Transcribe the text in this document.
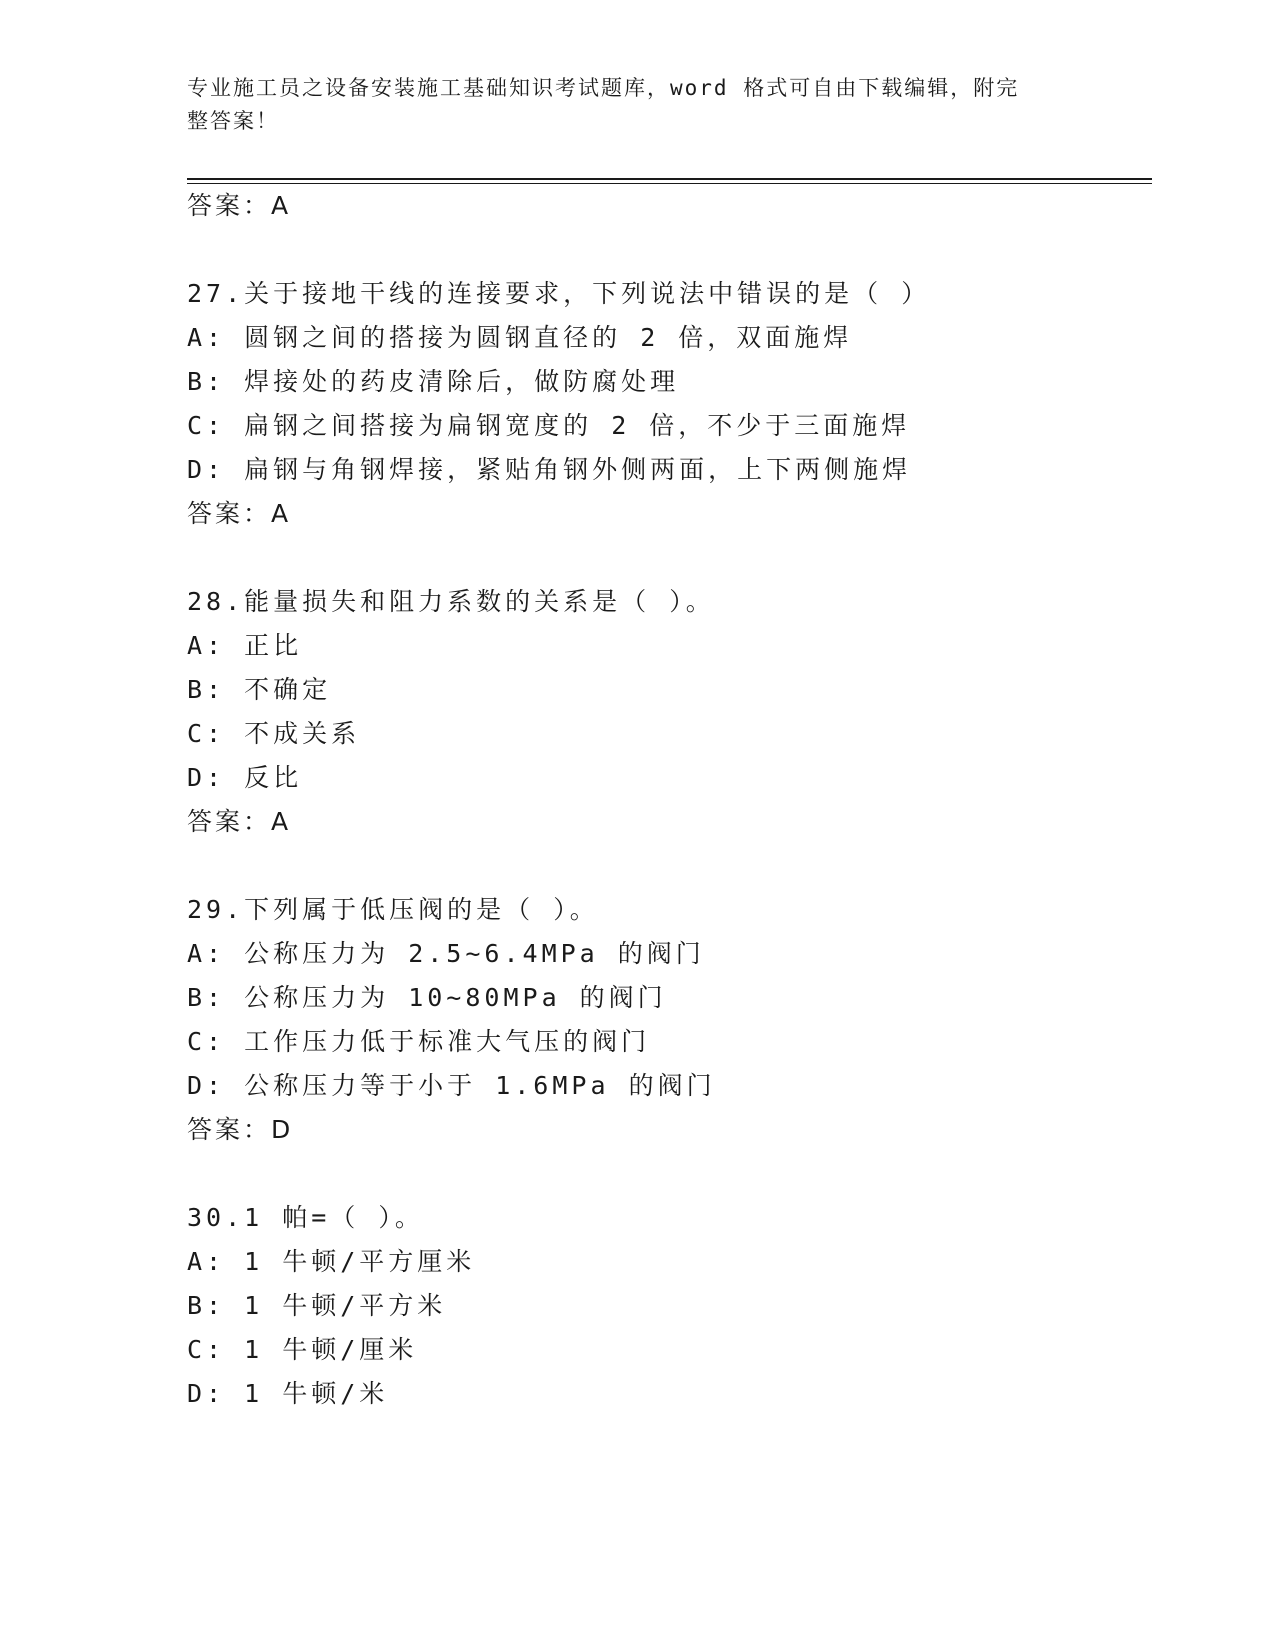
专业施工员之设备安装施工基础知识考试题库，word 格式可自由下载编辑，附完
整答案！

答案：A

27.关于接地干线的连接要求，下列说法中错误的是（ ）

A: 圆钢之间的搭接为圆钢直径的 2 倍，双面施焊

B: 焊接处的药皮清除后，做防腐处理

C: 扁钢之间搭接为扁钢宽度的 2 倍，不少于三面施焊

D: 扁钢与角钢焊接，紧贴角钢外侧两面，上下两侧施焊

答案：A

28.能量损失和阻力系数的关系是（ ）。

A: 正比

B: 不确定

C: 不成关系

D: 反比

答案：A

29.下列属于低压阀的是（ ）。

A: 公称压力为 2.5~6.4MPa 的阀门

B: 公称压力为 10~80MPa 的阀门

C: 工作压力低于标准大气压的阀门

D: 公称压力等于小于 1.6MPa 的阀门

答案：D

30.1 帕=（ ）。

A: 1 牛顿/平方厘米

B: 1 牛顿/平方米

C: 1 牛顿/厘米

D: 1 牛顿/米
